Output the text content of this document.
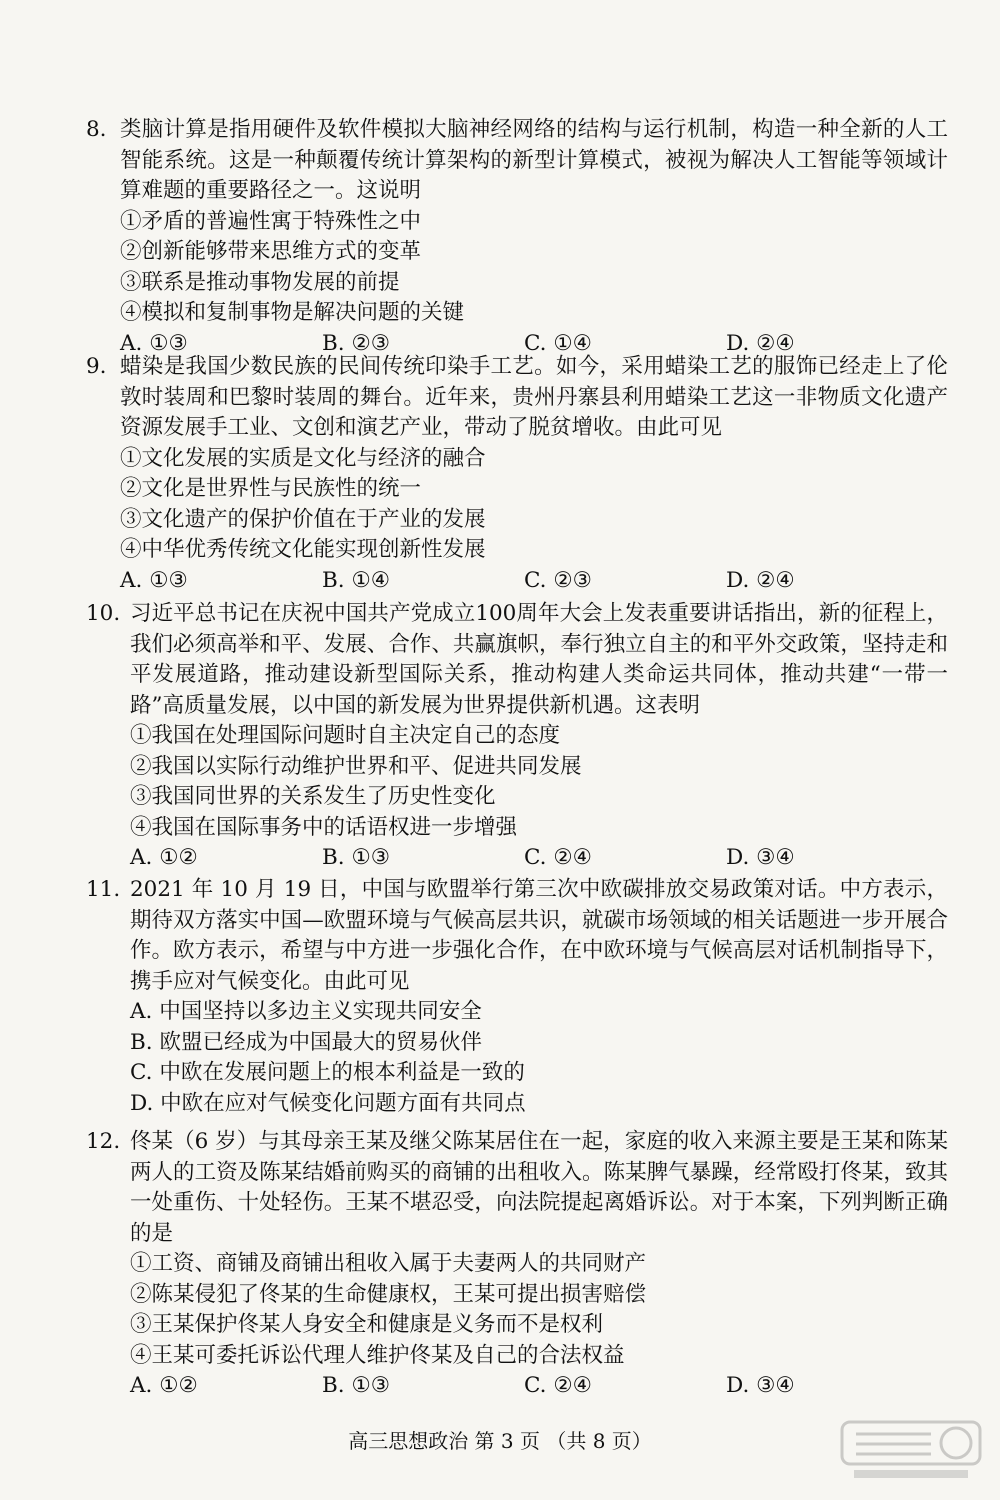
8. 类脑计算是指用硬件及软件模拟大脑神经网络的结构与运行机制，构造一种全新的人工智能系统。这是一种颠覆传统计算架构的新型计算模式，被视为解决人工智能等领域计算难题的重要路径之一。这说明
①矛盾的普遍性寓于特殊性之中
②创新能够带来思维方式的变革
③联系是推动事物发展的前提
④模拟和复制事物是解决问题的关键
A. ①③	B. ②③	C. ①④	D. ②④
9. 蜡染是我国少数民族的民间传统印染手工艺。如今，采用蜡染工艺的服饰已经走上了伦敦时装周和巴黎时装周的舞台。近年来，贵州丹寨县利用蜡染工艺这一非物质文化遗产资源发展手工业、文创和演艺产业，带动了脱贫增收。由此可见
①文化发展的实质是文化与经济的融合
②文化是世界性与民族性的统一
③文化遗产的保护价值在于产业的发展
④中华优秀传统文化能实现创新性发展
A. ①③	B. ①④	C. ②③	D. ②④
10. 习近平总书记在庆祝中国共产党成立100周年大会上发表重要讲话指出，新的征程上，我们必须高举和平、发展、合作、共赢旗帜，奉行独立自主的和平外交政策，坚持走和平发展道路，推动建设新型国际关系，推动构建人类命运共同体，推动共建“一带一路”高质量发展，以中国的新发展为世界提供新机遇。这表明
①我国在处理国际问题时自主决定自己的态度
②我国以实际行动维护世界和平、促进共同发展
③我国同世界的关系发生了历史性变化
④我国在国际事务中的话语权进一步增强
A. ①②	B. ①③	C. ②④	D. ③④
11. 2021 年 10 月 19 日，中国与欧盟举行第三次中欧碳排放交易政策对话。中方表示，期待双方落实中国—欧盟环境与气候高层共识，就碳市场领域的相关话题进一步开展合作。欧方表示，希望与中方进一步强化合作，在中欧环境与气候高层对话机制指导下，携手应对气候变化。由此可见
A. 中国坚持以多边主义实现共同安全
B. 欧盟已经成为中国最大的贸易伙伴
C. 中欧在发展问题上的根本利益是一致的
D. 中欧在应对气候变化问题方面有共同点
12. 佟某（6 岁）与其母亲王某及继父陈某居住在一起，家庭的收入来源主要是王某和陈某两人的工资及陈某结婚前购买的商铺的出租收入。陈某脾气暴躁，经常殴打佟某，致其一处重伤、十处轻伤。王某不堪忍受，向法院提起离婚诉讼。对于本案，下列判断正确的是
①工资、商铺及商铺出租收入属于夫妻两人的共同财产
②陈某侵犯了佟某的生命健康权，王某可提出损害赔偿
③王某保护佟某人身安全和健康是义务而不是权利
④王某可委托诉讼代理人维护佟某及自己的合法权益
A. ①②	B. ①③	C. ②④	D. ③④
高三思想政治 第 3 页 （共 8 页）
